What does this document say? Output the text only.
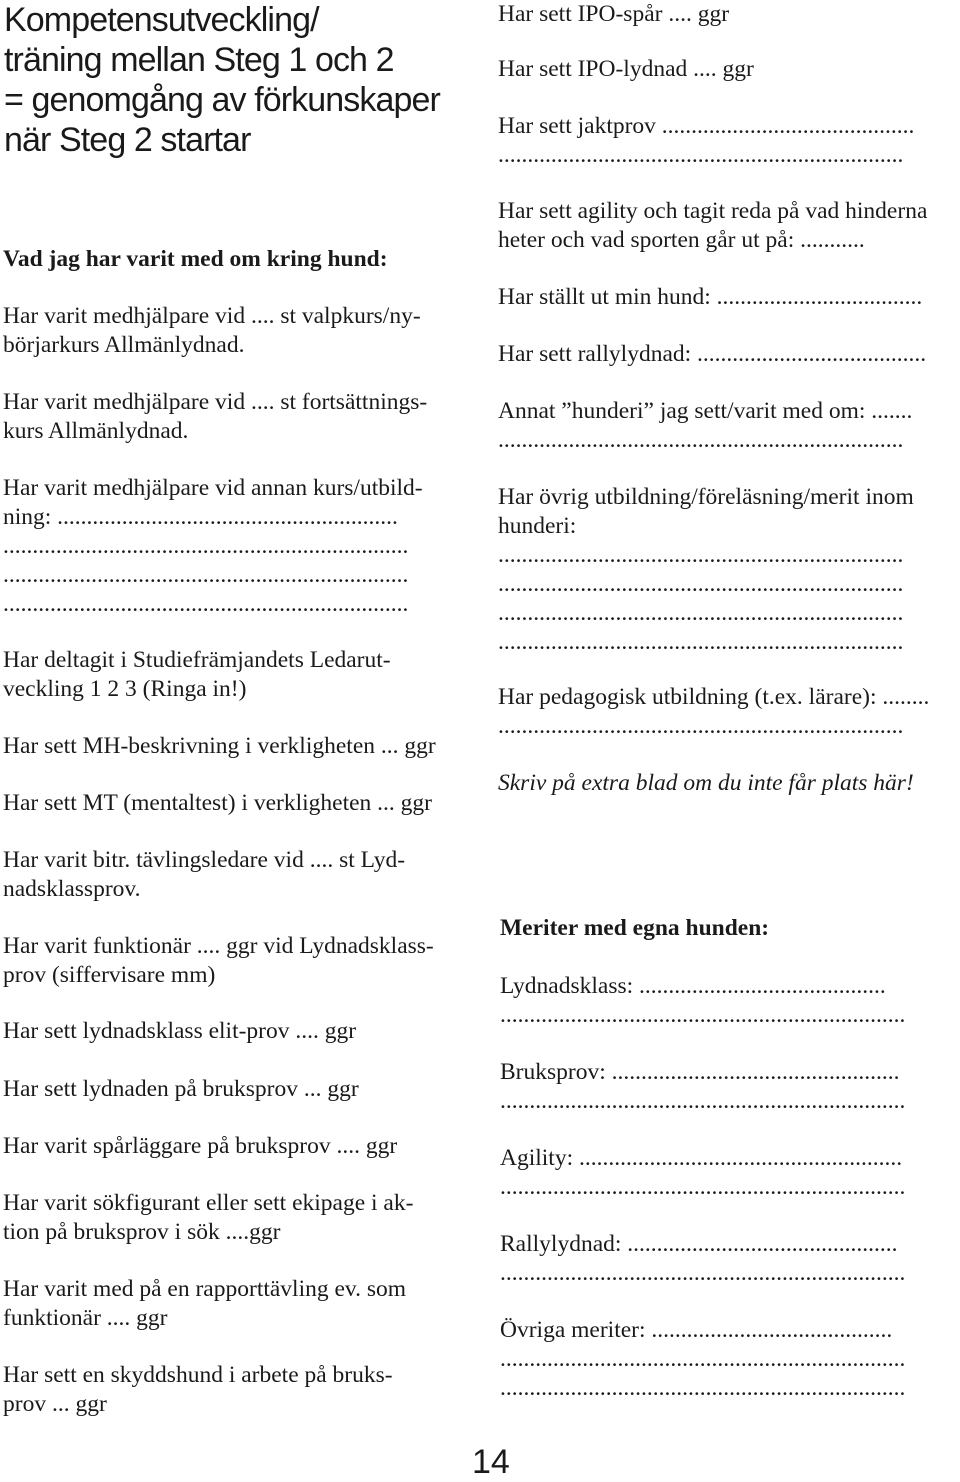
Kompetensutveckling/
träning mellan Steg 1 och 2
= genomgång av förkunskaper
när Steg 2 startar
Vad jag har varit med om kring hund:
Har varit medhjälpare vid .... st valpkurs/ny-
börjarkurs Allmänlydnad.
Har varit medhjälpare vid .... st fortsättnings-
kurs Allmänlydnad.
Har varit medhjälpare vid annan kurs/utbild-
ning: ..........................................................
.....................................................................
.....................................................................
.....................................................................
Har deltagit i Studiefrämjandets Ledarut-
veckling 1 2 3 (Ringa in!)
Har sett MH-beskrivning i verkligheten ... ggr
Har sett MT (mentaltest) i verkligheten ... ggr
Har varit bitr. tävlingsledare vid .... st Lyd-
nadsklassprov.
Har varit funktionär .... ggr vid Lydnadsklass-
prov (siffervisare mm)
Har sett lydnadsklass elit-prov .... ggr
Har sett lydnaden på bruksprov ... ggr
Har varit spårläggare på bruksprov .... ggr
Har varit sökfigurant eller sett ekipage i ak-
tion på bruksprov i sök ....ggr
Har varit med på en rapporttävling ev. som
funktionär .... ggr
Har sett en skyddshund i arbete på bruks-
prov ... ggr
Har sett IPO-spår .... ggr
Har sett IPO-lydnad .... ggr
Har sett jaktprov ...........................................
.....................................................................
Har sett agility och tagit reda på vad hinderna
heter och vad sporten går ut på: ...........
Har ställt ut min hund: ...................................
Har sett rallylydnad: .......................................
Annat ”hunderi” jag sett/varit med om: .......
.....................................................................
Har övrig utbildning/föreläsning/merit inom
hunderi:
.....................................................................
.....................................................................
.....................................................................
.....................................................................
Har pedagogisk utbildning (t.ex. lärare): ........
.....................................................................
Skriv på extra blad om du inte får plats här!
Meriter med egna hunden:
Lydnadsklass: ..........................................
.....................................................................
Bruksprov: .................................................
.....................................................................
Agility: .......................................................
.....................................................................
Rallylydnad: ..............................................
.....................................................................
Övriga meriter: .........................................
.....................................................................
.....................................................................
14
